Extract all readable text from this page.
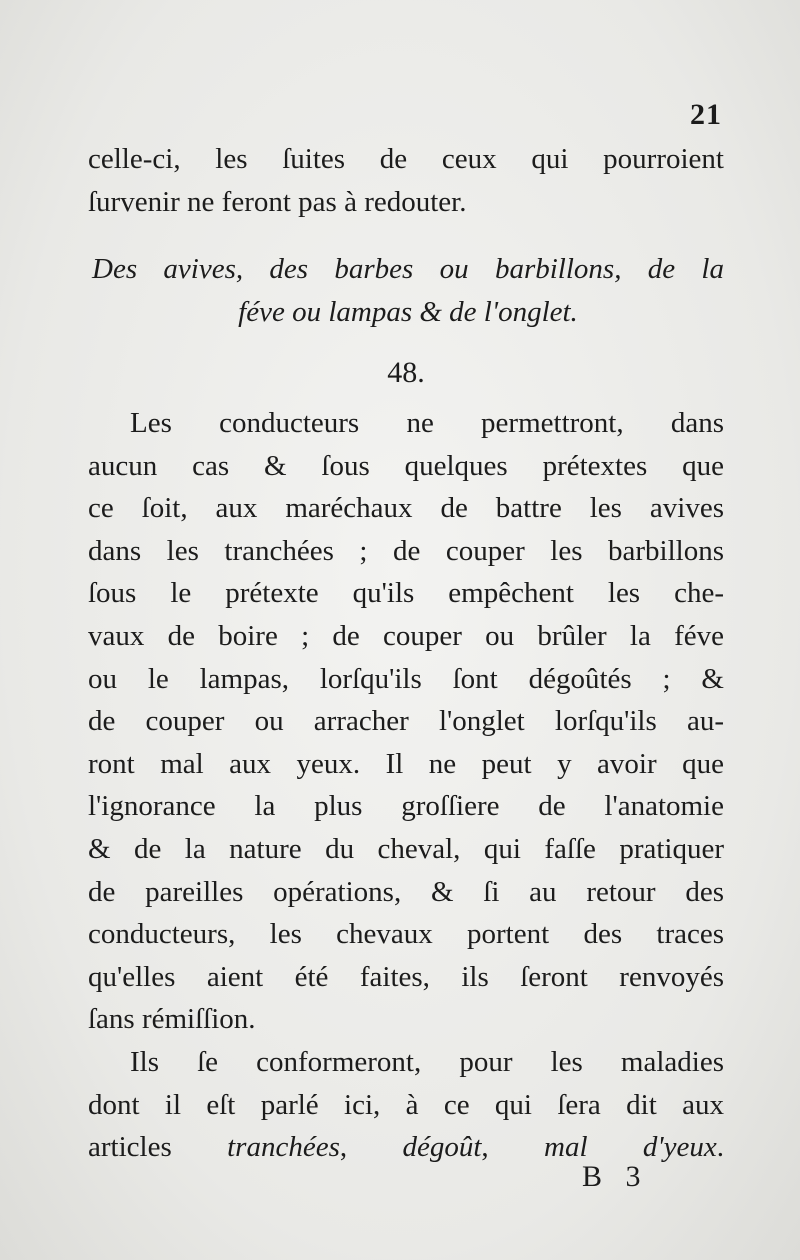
21
celle-ci, les ſuites de ceux qui pourroient
ſurvenir ne feront pas à redouter.
Des avives, des barbes ou barbillons, de la
féve ou lampas & de l'onglet.
48.
Les conducteurs ne permettront, dans
aucun cas & ſous quelques prétextes que
ce ſoit, aux maréchaux de battre les avives
dans les tranchées ; de couper les barbillons
ſous le prétexte qu'ils empêchent les che-
vaux de boire ; de couper ou brûler la féve
ou le lampas, lorſqu'ils ſont dégoûtés ; &
de couper ou arracher l'onglet lorſqu'ils au-
ront mal aux yeux. Il ne peut y avoir que
l'ignorance la plus groſſiere de l'anatomie
& de la nature du cheval, qui faſſe pratiquer
de pareilles opérations, & ſi au retour des
conducteurs, les chevaux portent des traces
qu'elles aient été faites, ils ſeront renvoyés
ſans rémiſſion.
Ils ſe conformeront, pour les maladies
dont il eſt parlé ici, à ce qui ſera dit aux
articles tranchées, dégoût, mal d'yeux.
B 3
